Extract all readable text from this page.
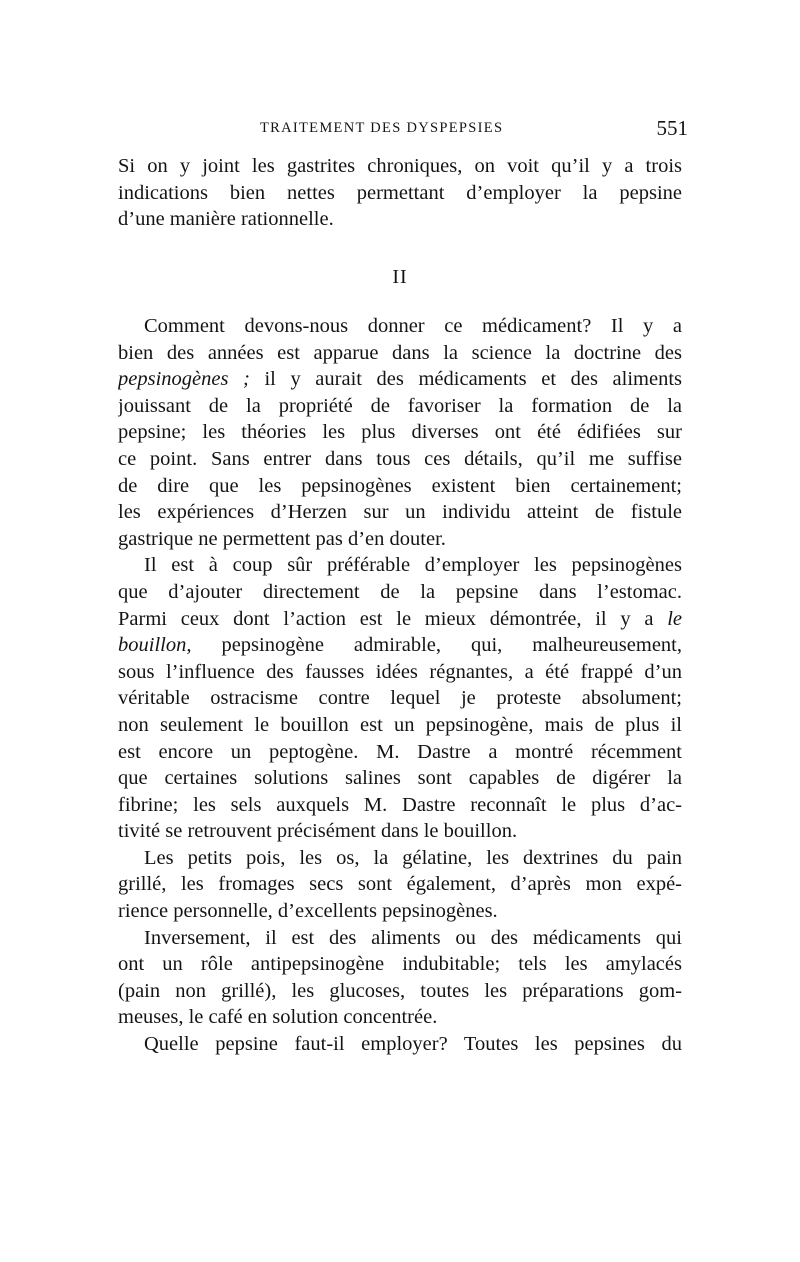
TRAITEMENT DES DYSPEPSIES	551
Si on y joint les gastrites chroniques, on voit qu’il y a trois
indications bien nettes permettant d’employer la pepsine
d’une manière rationnelle.
II
Comment devons-nous donner ce médicament? Il y a
bien des années est apparue dans la science la doctrine des
pepsinogènes ; il y aurait des médicaments et des aliments
jouissant de la propriété de favoriser la formation de la
pepsine; les théories les plus diverses ont été édifiées sur
ce point. Sans entrer dans tous ces détails, qu’il me suffise
de dire que les pepsinogènes existent bien certainement;
les expériences d’Herzen sur un individu atteint de fistule
gastrique ne permettent pas d’en douter.
Il est à coup sûr préférable d’employer les pepsinogènes
que d’ajouter directement de la pepsine dans l’estomac.
Parmi ceux dont l’action est le mieux démontrée, il y a le
bouillon, pepsinogène admirable, qui, malheureusement,
sous l’influence des fausses idées régnantes, a été frappé d’un
véritable ostracisme contre lequel je proteste absolument;
non seulement le bouillon est un pepsinogène, mais de plus il
est encore un peptogène. M. Dastre a montré récemment
que certaines solutions salines sont capables de digérer la
fibrine; les sels auxquels M. Dastre reconnaît le plus d’ac-
tivité se retrouvent précisément dans le bouillon.
Les petits pois, les os, la gélatine, les dextrines du pain
grillé, les fromages secs sont également, d’après mon expé-
rience personnelle, d’excellents pepsinogènes.
Inversement, il est des aliments ou des médicaments qui
ont un rôle antipepsinogène indubitable; tels les amylacés
(pain non grillé), les glucoses, toutes les préparations gom-
meuses, le café en solution concentrée.
Quelle pepsine faut-il employer? Toutes les pepsines du
